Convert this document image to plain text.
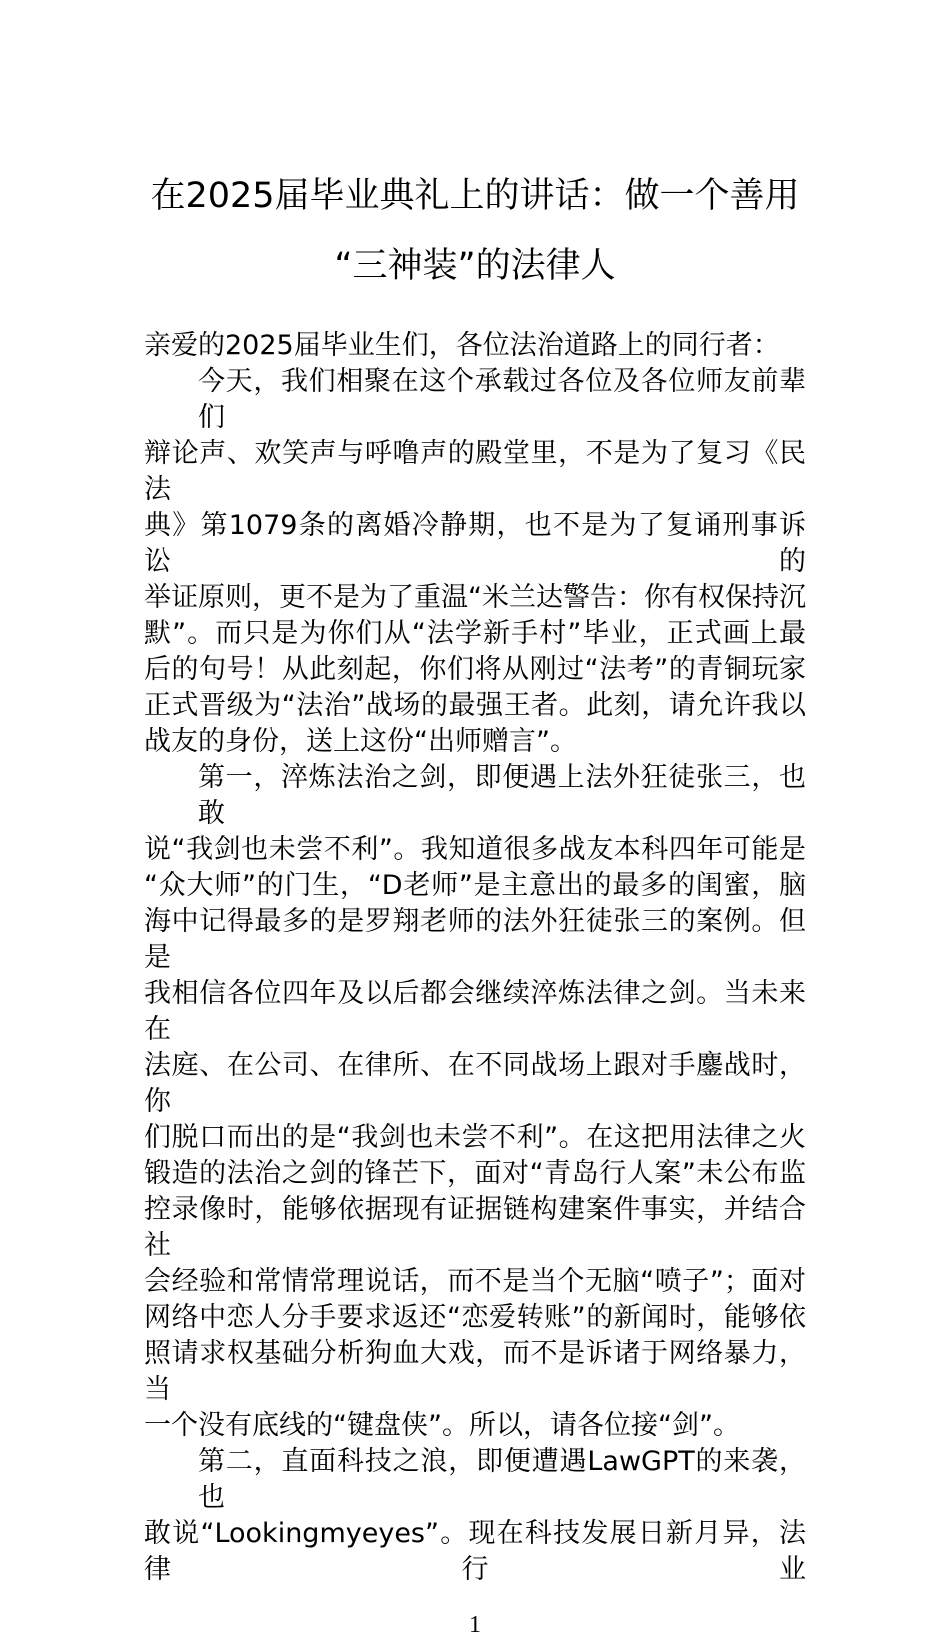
在2025届毕业典礼上的讲话：做一个善用
“三神装”的法律人
亲爱的2025届毕业生们，各位法治道路上的同行者：
今天，我们相聚在这个承载过各位及各位师友前辈们
辩论声、欢笑声与呼噜声的殿堂里，不是为了复习《民法
典》第1079条的离婚冷静期，也不是为了复诵刑事诉讼的
举证原则，更不是为了重温“米兰达警告：你有权保持沉
默”。而只是为你们从“法学新手村”毕业，正式画上最
后的句号！从此刻起，你们将从刚过“法考”的青铜玩家
正式晋级为“法治”战场的最强王者。此刻，请允许我以
战友的身份，送上这份“出师赠言”。
第一，淬炼法治之剑，即便遇上法外狂徒张三，也敢
说“我剑也未尝不利”。我知道很多战友本科四年可能是
“众大师”的门生，“D老师”是主意出的最多的闺蜜，脑
海中记得最多的是罗翔老师的法外狂徒张三的案例。但是
我相信各位四年及以后都会继续淬炼法律之剑。当未来在
法庭、在公司、在律所、在不同战场上跟对手鏖战时，你
们脱口而出的是“我剑也未尝不利”。在这把用法律之火
锻造的法治之剑的锋芒下，面对“青岛行人案”未公布监
控录像时，能够依据现有证据链构建案件事实，并结合社
会经验和常情常理说话，而不是当个无脑“喷子”；面对
网络中恋人分手要求返还“恋爱转账”的新闻时，能够依
照请求权基础分析狗血大戏，而不是诉诸于网络暴力，当
一个没有底线的“键盘侠”。所以，请各位接“剑”。
第二，直面科技之浪，即便遭遇LawGPT的来袭，也
敢说“Lookingmyeyes”。现在科技发展日新月异，法律行业
1
